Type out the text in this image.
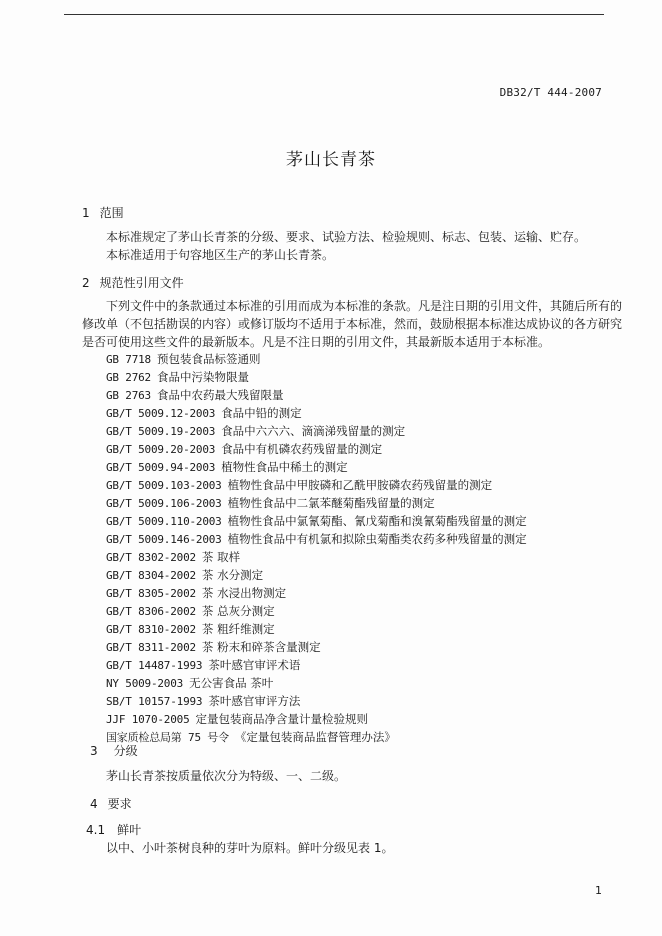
DB32/T 444-2007
茅山长青茶
1 范围
本标准规定了茅山长青茶的分级、要求、试验方法、检验规则、标志、包装、运输、贮存。
本标准适用于句容地区生产的茅山长青茶。
2 规范性引用文件
下列文件中的条款通过本标准的引用而成为本标准的条款。凡是注日期的引用文件，其随后所有的
修改单（不包括勘误的内容）或修订版均不适用于本标准，然而，鼓励根据本标准达成协议的各方研究
是否可使用这些文件的最新版本。凡是不注日期的引用文件，其最新版本适用于本标准。
GB 7718 预包装食品标签通则
GB 2762 食品中污染物限量
GB 2763 食品中农药最大残留限量
GB/T 5009.12-2003 食品中铅的测定
GB/T 5009.19-2003 食品中六六六、滴滴涕残留量的测定
GB/T 5009.20-2003 食品中有机磷农药残留量的测定
GB/T 5009.94-2003 植物性食品中稀土的测定
GB/T 5009.103-2003 植物性食品中甲胺磷和乙酰甲胺磷农药残留量的测定
GB/T 5009.106-2003 植物性食品中二氯苯醚菊酯残留量的测定
GB/T 5009.110-2003 植物性食品中氯氰菊酯、氰戊菊酯和溴氰菊酯残留量的测定
GB/T 5009.146-2003 植物性食品中有机氯和拟除虫菊酯类农药多种残留量的测定
GB/T 8302-2002 茶 取样
GB/T 8304-2002 茶 水分测定
GB/T 8305-2002 茶 水浸出物测定
GB/T 8306-2002 茶 总灰分测定
GB/T 8310-2002 茶 粗纤维测定
GB/T 8311-2002 茶 粉末和碎茶含量测定
GB/T 14487-1993 茶叶感官审评术语
NY 5009-2003 无公害食品 茶叶
SB/T 10157-1993 茶叶感官审评方法
JJF 1070-2005 定量包装商品净含量计量检验规则
国家质检总局第 75 号令 《定量包装商品监督管理办法》
3 分级
茅山长青茶按质量依次分为特级、一、二级。
4 要求
4.1 鲜叶
以中、小叶茶树良种的芽叶为原料。鲜叶分级见表 1。
1
